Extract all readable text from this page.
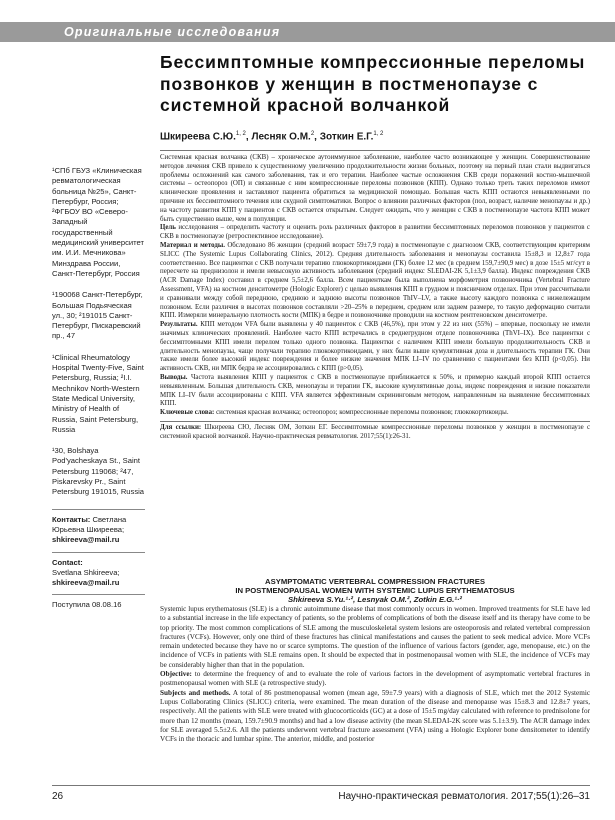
Оригинальные исследования
Бессимптомные компрессионные переломы позвонков у женщин в постменопаузе с системной красной волчанкой
Шкиреева С.Ю.$^{1, 2}$, Лесняк О.М.$^2$, Зоткин Е.Г.$^{1, 2}$

¹СПб ГБУЗ «Клиническая ревматологическая больница №25», Санкт-Петербург, Россия; ²ФГБОУ ВО «Северо-Западный государственный медицинский университет им. И.И. Мечникова» Минздрава России, Санкт-Петербург, Россия

¹190068 Санкт-Петербург, Большая Подьяческая ул., 30; ²191015 Санкт-Петербург, Пискаревский пр., 47

¹Clinical Rheumatology Hospital Twenty-Five, Saint Petersburg, Russia; ²I.I. Mechnikov North-Western State Medical University, Ministry of Health of Russia, Saint Petersburg, Russia

¹30, Bolshaya Pod'yacheskaya St., Saint Petersburg 119068; ²47, Piskarevsky Pr., Saint Petersburg 191015, Russia

Контакты: Светлана Юрьевна Шкиреева;
shkireeva@mail.ru
Contact:
Svetlana Shkireeva;
shkireeva@mail.ru
Поступила 08.08.16

Системная красная волчанка (СКВ) – хроническое аутоиммунное заболевание, наиболее часто возникающее у женщин. Совершенствование методов лечения СКВ привело к существенному увеличению продолжительности жизни больных, поэтому на первый план стали выдвигаться проблемы осложнений как самого заболевания, так и его терапии. Наиболее частые осложнения СКВ среди поражений костно-мышечной системы – остеопороз (ОП) и связанные с ним компрессионные переломы позвонков (КПП). Однако только треть таких переломов имеют клинические проявления и заставляют пациента обратиться за медицинской помощью. Большая часть КПП остаются невыявленными по причине их бессимптомного течения или скудной симптоматики. Вопрос о влиянии различных факторов (пол, возраст, наличие менопаузы и др.) на частоту развития КПП у пациентов с СКВ остается открытым. Следует ожидать, что у женщин с СКВ в постменопаузе частота КПП может быть существенно выше, чем в популяции.

Цель исследования – определить частоту и оценить роль различных факторов в развитии бессимптомных переломов позвонков у пациентов с СКВ в постменопаузе (ретроспективное исследование).

Материал и методы. Обследовано 86 женщин (средний возраст 59±7,9 года) в постменопаузе с диагнозом СКВ, соответствующим критериям SLICC (The Systemic Lupus Collaborating Clinics, 2012). Средняя длительность заболевания и менопаузы составила 15±8,3 и 12,8±7 года соответственно. Все пациентки с СКВ получали терапию глюкокортикоидами (ГК) более 12 мес (в среднем 159,7±90,9 мес) в дозе 15±5 мг/сут в пересчете на преднизолон и имели невысокую активность заболевания (средний индекс SLEDAI-2K 5,1±3,9 балла). Индекс повреждения СКВ (ACR Damage Index) составил в среднем 5,5±2,6 балла. Всем пациенткам была выполнена морфометрия позвоночника (Vertebral Fracture Assessment, VFA) на костном денситометре (Hologic Explorer) с целью выявления КПП в грудном и поясничном отделах. При этом рассчитывали и сравнивали между собой переднюю, среднюю и заднюю высоты позвонков ThIV–LV, а также высоту каждого позвонка с нижележащим позвонком. Если различия в высотах позвонков составляли >20–25% в переднем, среднем или заднем размере, то такую деформацию считали КПП. Измеряли минеральную плотность кости (МПК) в бедре и позвоночнике проводили на костном рентгеновском денситометре.

Результаты. КПП методом VFA были выявлены у 40 пациенток с СКВ (46,5%), при этом у 22 из них (55%) – впервые, поскольку не имели значимых клинических проявлений. Наиболее часто КПП встречались в среднегрудном отделе позвоночника (ThVI–IX). Все пациентки с бессимптомными КПП имели перелом только одного позвонка. Пациентки с наличием КПП имели большую продолжительность СКВ и длительность менопаузы, чаще получали терапию глюкокортикоидами, у них были выше кумулятивная доза и длительность терапии ГК. Они также имели более высокий индекс повреждения и более низкие значения МПК LI–IV по сравнению с пациентами без КПП (p<0,05). Ни активность СКВ, ни МПК бедра не ассоциировались с КПП (p>0,05).

Выводы. Частота выявления КПП у пациенток с СКВ в постменопаузе приближается к 50%, и примерно каждый второй КПП остается невыявленным. Большая длительность СКВ, менопаузы и терапии ГК, высокие кумулятивные дозы, индекс повреждения и низкие показатели МПК LI–IV были ассоциированы с КПП. VFA является эффективным скрининговым методом, направленным на выявление бессимптомных КПП.

Ключевые слова: системная красная волчанка; остеопороз; компрессионные переломы позвонков; глюкокортикоиды.

Для ссылки: Шкиреева СЮ, Лесняк ОМ, Зоткин ЕГ. Бессимптомные компрессионные переломы позвонков у женщин в постменопаузе с системной красной волчанкой. Научно-практическая ревматология. 2017;55(1):26-31.

ASYMPTOMATIC VERTEBRAL COMPRESSION FRACTURES
IN POSTMENOPAUSAL WOMEN WITH SYSTEMIC LUPUS ERYTHEMATOSUS
Shkireeva S.Yu.¹·², Lesnyak O.M.², Zotkin E.G.¹·²

Systemic lupus erythematosus (SLE) is a chronic autoimmune disease that most commonly occurs in women. Improved treatments for SLE have led to a substantial increase in the life expectancy of patients, so the problems of complications of both the disease itself and its therapy have come to be top priority. The most common complications of SLE among the musculoskeletal system lesions are osteoporosis and related vertebral compression fractures (VCFs). However, only one third of these fractures has clinical manifestations and causes the patient to seek medical advice. More VCFs remain undetected because they have no or scarce symptoms. The question of the influence of various factors (gender, age, menopause, etc.) on the incidence of VCFs in patients with SLE remains open. It should be expected that in postmenopausal women with SLE, the incidence of VCFs may be considerably higher than that in the population.

Objective: to determine the frequency of and to evaluate the role of various factors in the development of asymptomatic vertebral fractures in postmenopausal women with SLE (a retrospective study).

Subjects and methods. A total of 86 postmenopausal women (mean age, 59±7.9 years) with a diagnosis of SLE, which met the 2012 Systemic Lupus Collaborating Clinics (SLICC) criteria, were examined. The mean duration of the disease and menopause was 15±8.3 and 12.8±7 years, respectively. All the patients with SLE were treated with glucocorticoids (GC) at a dose of 15±5 mg/day calculated with reference to prednisolone for more than 12 months (mean, 159.7±90.9 months) and had a low disease activity (the mean SLEDAI-2K score was 5.1±3.9). The ACR damage index for SLE averaged 5.5±2.6. All the patients underwent vertebral fracture assessment (VFA) using a Hologic Explorer bone densitometer to identify VCFs in the thoracic and lumbar spine. The anterior, middle, and posterior

26	Научно-практическая ревматология. 2017;55(1):26–31
